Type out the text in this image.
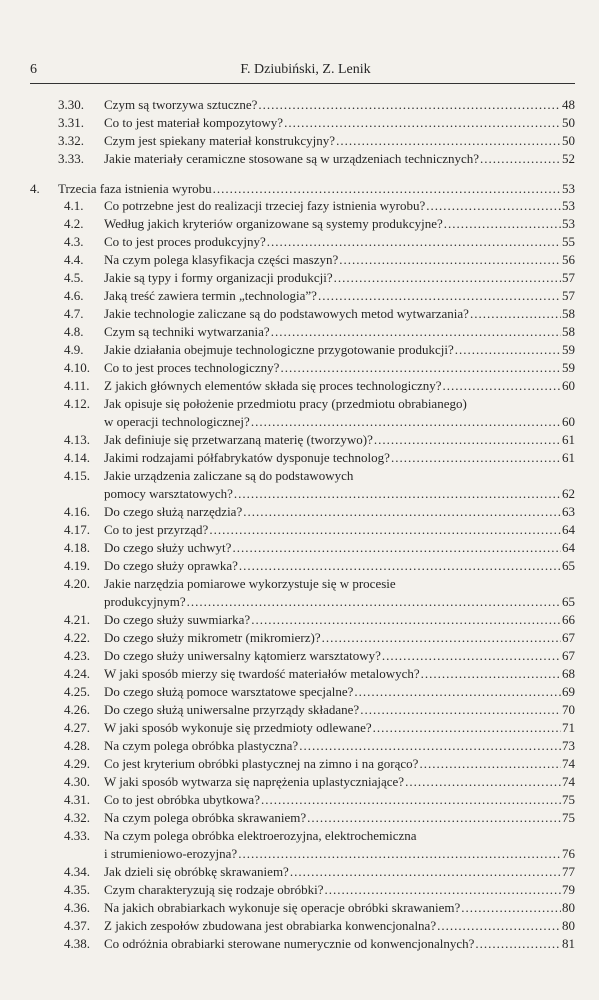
6	F. Dziubiński, Z. Lenik
3.30. Czym są tworzywa sztuczne? .....	48
3.31. Co to jest materiał kompozytowy? .....	50
3.32. Czym jest spiekany materiał konstrukcyjny? .....	50
3.33. Jakie materiały ceramiczne stosowane są w urządzeniach technicznych? .....	52
4. Trzecia faza istnienia wyrobu .....	53
4.1. Co potrzebne jest do realizacji trzeciej fazy istnienia wyrobu? .....	53
4.2. Według jakich kryteriów organizowane są systemy produkcyjne? .....	53
4.3. Co to jest proces produkcyjny? .....	55
4.4. Na czym polega klasyfikacja części maszyn? .....	56
4.5. Jakie są typy i formy organizacji produkcji? .....	57
4.6. Jaką treść zawiera termin „technologia”? .....	57
4.7. Jakie technologie zaliczane są do podstawowych metod wytwarzania? .....	58
4.8. Czym są techniki wytwarzania? .....	58
4.9. Jakie działania obejmuje technologiczne przygotowanie produkcji? .....	59
4.10. Co to jest proces technologiczny? .....	59
4.11. Z jakich głównych elementów składa się proces technologiczny? .....	60
4.12. Jak opisuje się położenie przedmiotu pracy (przedmiotu obrabianego)
w operacji technologicznej? .....	60
4.13. Jak definiuje się przetwarzaną materię (tworzywo)? .....	61
4.14. Jakimi rodzajami półfabrykatów dysponuje technolog? .....	61
4.15. Jakie urządzenia zaliczane są do podstawowych
pomocy warsztatowych? .....	62
4.16. Do czego służą narzędzia? .....	63
4.17. Co to jest przyrząd? .....	64
4.18. Do czego służy uchwyt? .....	64
4.19. Do czego służy oprawka? .....	65
4.20. Jakie narzędzia pomiarowe wykorzystuje się w procesie
produkcyjnym? .....	65
4.21. Do czego służy suwmiarka? .....	66
4.22. Do czego służy mikrometr (mikromierz)? .....	67
4.23. Do czego służy uniwersalny kątomierz warsztatowy? .....	67
4.24. W jaki sposób mierzy się twardość materiałów metalowych? .....	68
4.25. Do czego służą pomoce warsztatowe specjalne? .....	69
4.26. Do czego służą uniwersalne przyrządy składane? .....	70
4.27. W jaki sposób wykonuje się przedmioty odlewane? .....	71
4.28. Na czym polega obróbka plastyczna? .....	73
4.29. Co jest kryterium obróbki plastycznej na zimno i na gorąco? .....	74
4.30. W jaki sposób wytwarza się naprężenia uplastyczniające? .....	74
4.31. Co to jest obróbka ubytkowa? .....	75
4.32. Na czym polega obróbka skrawaniem? .....	75
4.33. Na czym polega obróbka elektroerozyjna, elektrochemiczna
i strumieniowo-erozyjna? .....	76
4.34. Jak dzieli się obróbkę skrawaniem? .....	77
4.35. Czym charakteryzują się rodzaje obróbki? .....	79
4.36. Na jakich obrabiarkach wykonuje się operacje obróbki skrawaniem? .....	80
4.37. Z jakich zespołów zbudowana jest obrabiarka konwencjonalna? .....	80
4.38. Co odróżnia obrabiarki sterowane numerycznie od konwencjonalnych? .....	81
